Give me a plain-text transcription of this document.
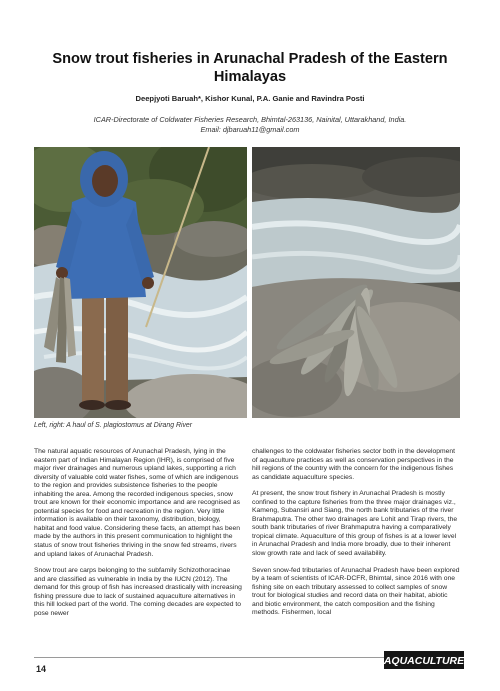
Snow trout fisheries in Arunachal Pradesh of the Eastern Himalayas
Deepjyoti Baruah*, Kishor Kunal, P.A. Ganie and Ravindra Posti
ICAR-Directorate of Coldwater Fisheries Research, Bhimtal-263136, Nainital, Uttarakhand, India.
Email: djbaruah11@gmail.com
Left, right: A haul of S. plagiostomus at Dirang River

The natural aquatic resources of Arunachal Pradesh, lying in the eastern part of Indian Himalayan Region (IHR), is comprised of five major river drainages and numerous upland lakes, supporting a rich diversity of valuable cold water fishes, some of which are indigenous to the region and provides subsistence fisheries to the people inhabiting the area. Among the recorded indigenous species, snow trout are known for their economic importance and are recognised as potential species for food and recreation in the region. Very little information is available on their taxonomy, distribution, biology, habitat and food value. Considering these facts, an attempt has been made by the authors in this present communication to highlight the status of snow trout fisheries thriving in the snow fed streams, rivers and upland lakes of Arunachal Pradesh.

Snow trout are carps belonging to the subfamily Schizothoracinae and are classified as vulnerable in India by the IUCN (2012). The demand for this group of fish has increased drastically with increasing fishing pressure due to lack of sustained aquaculture alternatives in this hill locked part of the world. The coming decades are expected to pose newer

challenges to the coldwater fisheries sector both in the development of aquaculture practices as well as conservation perspectives in the hill regions of the country with the concern for the indigenous fishes as candidate aquaculture species.

At present, the snow trout fishery in Arunachal Pradesh is mostly confined to the capture fisheries from the three major drainages viz., Kameng, Subansiri and Siang, the north bank tributaries of the river Brahmaputra. The other two drainages are Lohit and Tirap rivers, the south bank tributaries of river Brahmaputra having a comparatively tropical climate. Aquaculture of this group of fishes is at a lower level in Arunachal Pradesh and India more broadly, due to their inherent slow growth rate and lack of seed availability.

Seven snow-fed tributaries of Arunachal Pradesh have been explored by a team of scientists of ICAR-DCFR, Bhimtal, since 2016 with one fishing site on each tributary assessed to collect samples of snow trout for biological studies and record data on their habitat, abiotic and biotic environment, the catch composition and the fishing methods. Fishermen, local

14
AQUACULTURE
